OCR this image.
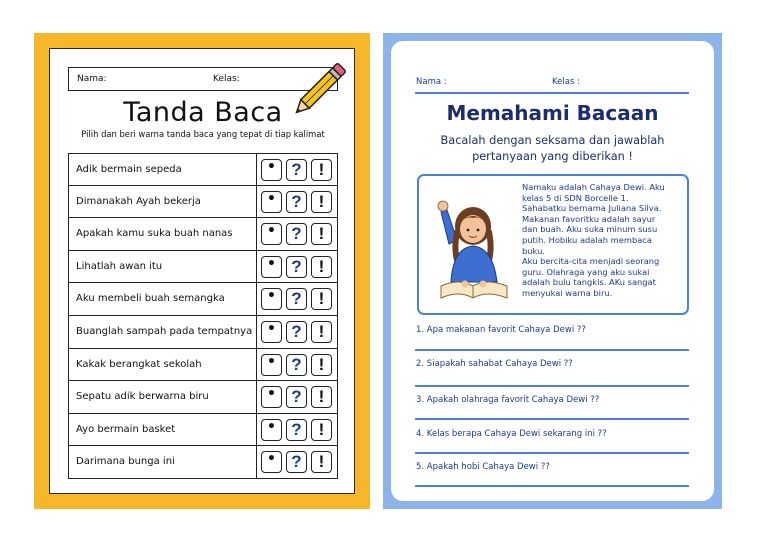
Nama:	Kelas:
Tanda Baca
Pilih dan beri warna tanda baca yang tepat di tiap kalimat
Adik bermain sepeda	• ? !
Dimanakah Ayah bekerja	• ? !
Apakah kamu suka buah nanas	• ? !
Lihatlah awan itu	• ? !
Aku membeli buah semangka	• ? !
Buanglah sampah pada tempatnya	• ? !
Kakak berangkat sekolah	• ? !
Sepatu adik berwarna biru	• ? !
Ayo bermain basket	• ? !
Darimana bunga ini	• ? !
Nama :	Kelas :
Memahami Bacaan
Bacalah dengan seksama dan jawablah pertanyaan yang diberikan !
Namaku adalah Cahaya Dewi. Aku
kelas 5 di SDN Borcelle 1.
Sahabatku bernama Juliana Silva.
Makanan favoritku adalah sayur
dan buah. Aku suka minum susu
putih. Hobiku adalah membaca
buku.
Aku bercita-cita menjadi seorang
guru. Olahraga yang aku sukai
adalah bulu tangkis. AKu sangat
menyukai warna biru.
1. Apa makanan favorit Cahaya Dewi ??
2. Siapakah sahabat Cahaya Dewi ??
3. Apakah olahraga favorit Cahaya Dewi ??
4. Kelas berapa Cahaya Dewi sekarang ini ??
5. Apakah hobi Cahaya Dewi ??
